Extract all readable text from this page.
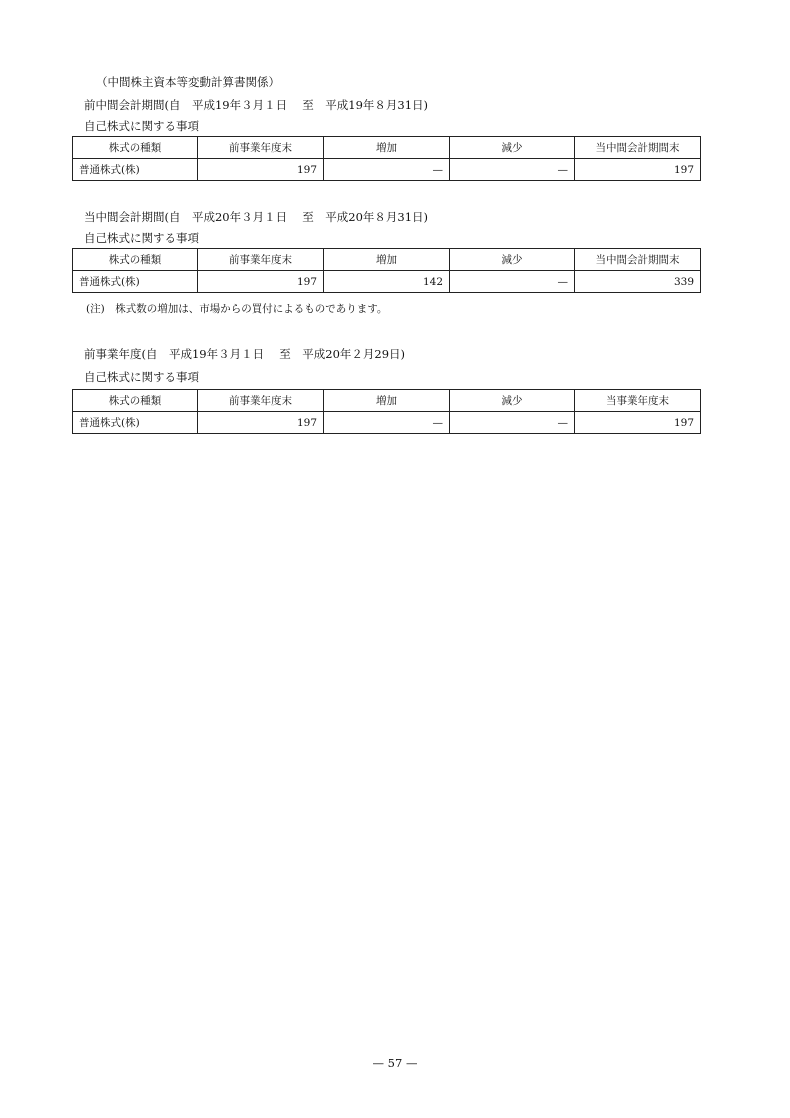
（中間株主資本等変動計算書関係）
前中間会計期間(自　平成19年３月１日　 至　平成19年８月31日)
自己株式に関する事項
株式の種類	前事業年度末	増加	減少	当中間会計期間末
普通株式(株)	197	—	—	197
当中間会計期間(自　平成20年３月１日　 至　平成20年８月31日)
自己株式に関する事項
株式の種類	前事業年度末	増加	減少	当中間会計期間末
普通株式(株)	197	142	—	339
(注)　株式数の増加は、市場からの買付によるものであります。
前事業年度(自　平成19年３月１日　 至　平成20年２月29日)
自己株式に関する事項
株式の種類	前事業年度末	増加	減少	当事業年度末
普通株式(株)	197	—	—	197
— 57 —
